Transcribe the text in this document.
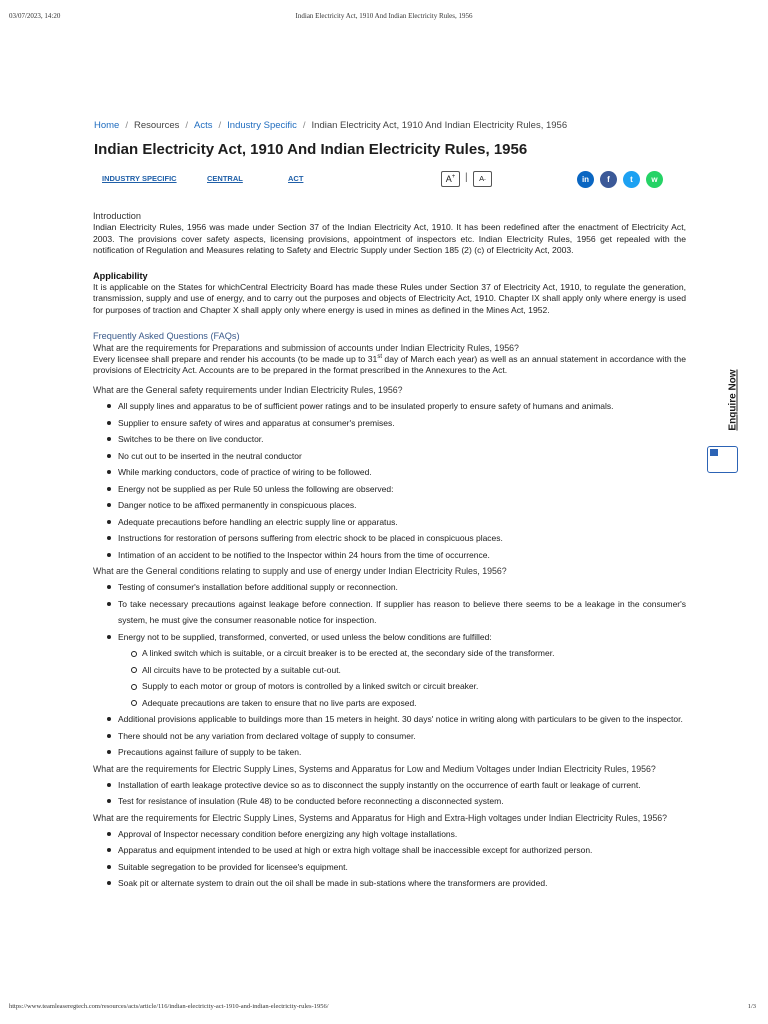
03/07/2023, 14:20	Indian Electricity Act, 1910 And Indian Electricity Rules, 1956
Home / Resources / Acts / Industry Specific / Indian Electricity Act, 1910 And Indian Electricity Rules, 1956
Indian Electricity Act, 1910 And Indian Electricity Rules, 1956
INDUSTRY SPECIFIC	CENTRAL	ACT	A+ |	A-	in	f	t	w
Enquire Now
Introduction

Indian Electricity Rules, 1956 was made under Section 37 of the Indian Electricity Act, 1910. It has been redefined after the enactment of Electricity Act, 2003. The provisions cover safety aspects, licensing provisions, appointment of inspectors etc. Indian Electricity Rules, 1956 get repealed with the notification of Regulation and Measures relating to Safety and Electric Supply under Section 185 (2) (c) of Electricity Act, 2003.

Applicability

It is applicable on the States for whichCentral Electricity Board has made these Rules under Section 37 of Electricity Act, 1910, to regulate the generation, transmission, supply and use of energy, and to carry out the purposes and objects of Electricity Act, 1910. Chapter IX shall apply only where energy is used for purposes of traction and Chapter X shall apply only where energy is used in mines as defined in the Mines Act, 1952.

Frequently Asked Questions (FAQs)
What are the requirements for Preparations and submission of accounts under Indian Electricity Rules, 1956?

Every licensee shall prepare and render his accounts (to be made up to 31st day of March each year) as well as an annual statement in accordance with the provisions of Electricity Act. Accounts are to be prepared in the format prescribed in the Annexures to the Act.

What are the General safety requirements under Indian Electricity Rules, 1956?
All supply lines and apparatus to be of sufficient power ratings and to be insulated properly to ensure safety of humans and animals.
Supplier to ensure safety of wires and apparatus at consumer's premises.
Switches to be there on live conductor.
No cut out to be inserted in the neutral conductor
While marking conductors, code of practice of wiring to be followed.
Energy not be supplied as per Rule 50 unless the following are observed:
Danger notice to be affixed permanently in conspicuous places.
Adequate precautions before handling an electric supply line or apparatus.
Instructions for restoration of persons suffering from electric shock to be placed in conspicuous places.
Intimation of an accident to be notified to the Inspector within 24 hours from the time of occurrence.
What are the General conditions relating to supply and use of energy under Indian Electricity Rules, 1956?
Testing of consumer's installation before additional supply or reconnection.
To take necessary precautions against leakage before connection. If supplier has reason to believe there seems to be a leakage in the consumer's system, he must give the consumer reasonable notice for inspection.
Energy not to be supplied, transformed, converted, or used unless the below conditions are fulfilled:
A linked switch which is suitable, or a circuit breaker is to be erected at, the secondary side of the transformer.
All circuits have to be protected by a suitable cut-out.
Supply to each motor or group of motors is controlled by a linked switch or circuit breaker.
Adequate precautions are taken to ensure that no live parts are exposed.
Additional provisions applicable to buildings more than 15 meters in height. 30 days' notice in writing along with particulars to be given to the inspector.
There should not be any variation from declared voltage of supply to consumer.
Precautions against failure of supply to be taken.
What are the requirements for Electric Supply Lines, Systems and Apparatus for Low and Medium Voltages under Indian Electricity Rules, 1956?
Installation of earth leakage protective device so as to disconnect the supply instantly on the occurrence of earth fault or leakage of current.
Test for resistance of insulation (Rule 48) to be conducted before reconnecting a disconnected system.
What are the requirements for Electric Supply Lines, Systems and Apparatus for High and Extra-High voltages under Indian Electricity Rules, 1956?
Approval of Inspector necessary condition before energizing any high voltage installations.
Apparatus and equipment intended to be used at high or extra high voltage shall be inaccessible except for authorized person.
Suitable segregation to be provided for licensee's equipment.
Soak pit or alternate system to drain out the oil shall be made in sub-stations where the transformers are provided.
https://www.teamleaseregtech.com/resources/acts/article/116/indian-electricity-act-1910-and-indian-electricity-rules-1956/	1/3
